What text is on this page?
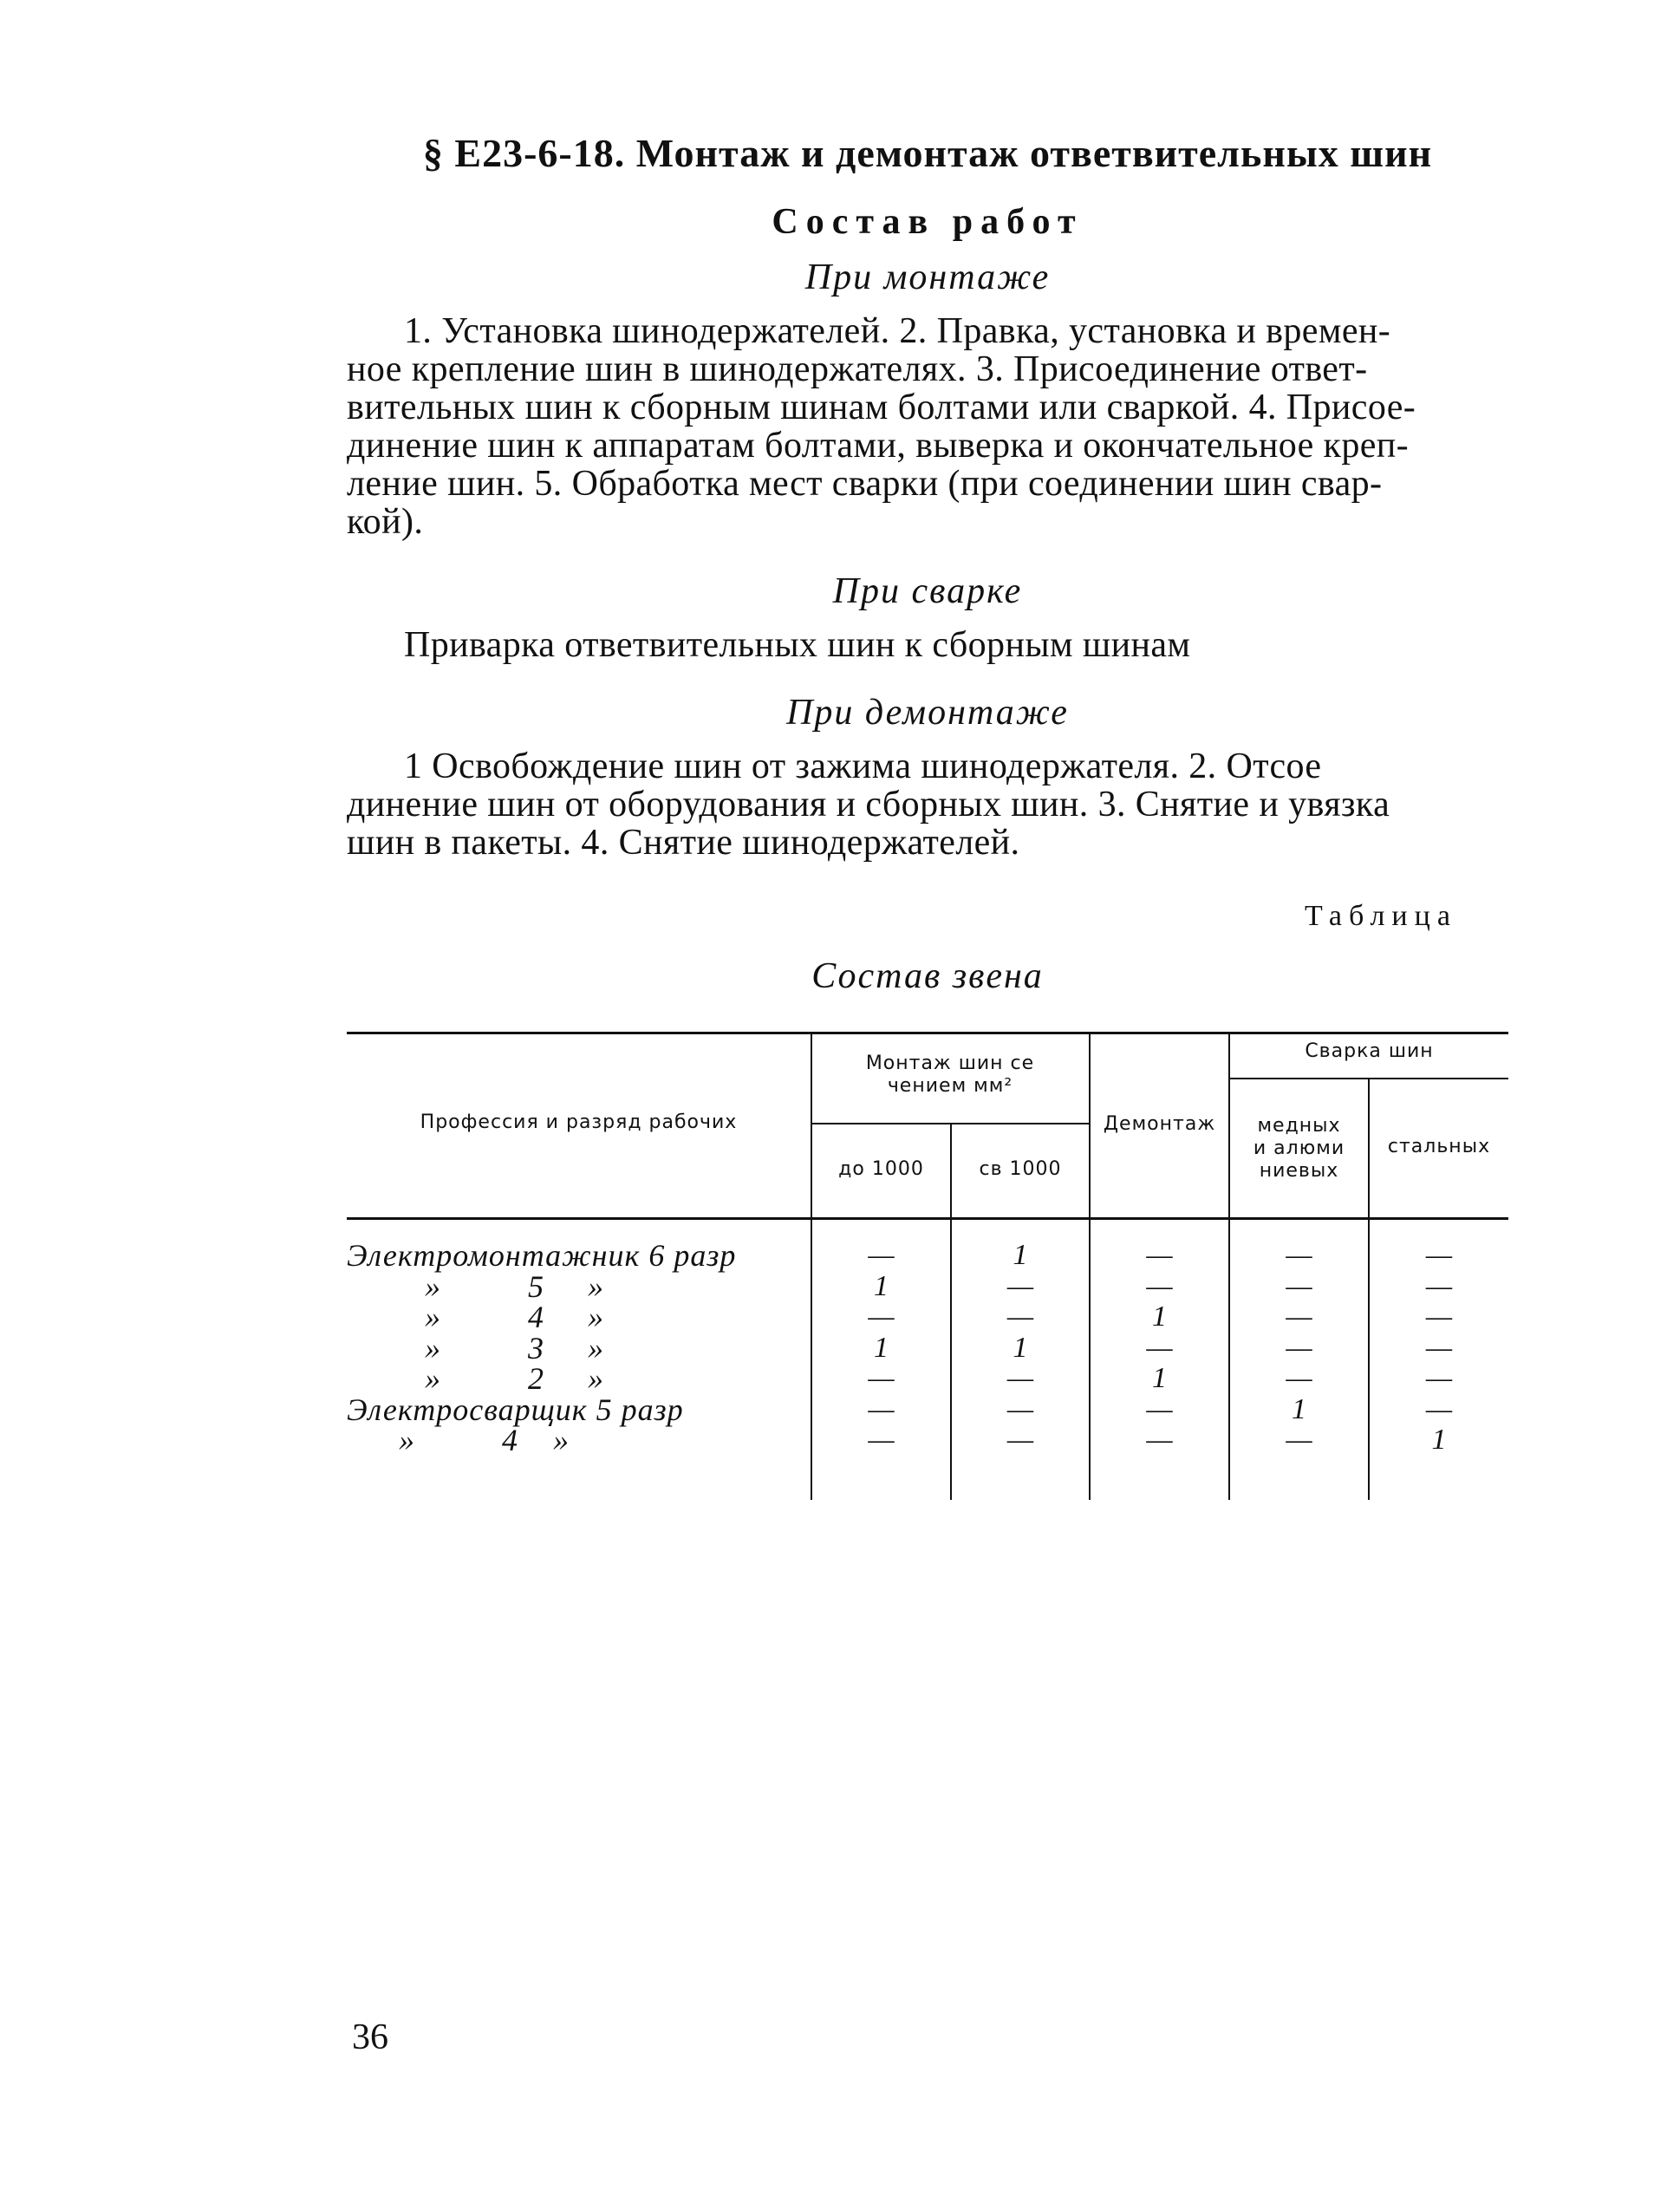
§ Е23-6-18. Монтаж и демонтаж ответвительных шин
Состав работ
При монтаже
1. Установка шинодержателей. 2. Правка, установка и времен-
ное крепление шин в шинодержателях. 3. Присоединение ответ-
вительных шин к сборным шинам болтами или сваркой. 4. Присое-
динение шин к аппаратам болтами, выверка и окончательное креп-
ление шин. 5. Обработка мест сварки (при соединении шин свар-
кой).
При сварке
Приварка ответвительных шин к сборным шинам
При демонтаже
1 Освобождение шин от зажима шинодержателя. 2. Отсое
динение шин от оборудования и сборных шин. 3. Снятие и увязка
шин в пакеты. 4. Снятие шинодержателей.
Таблица
Состав звена
Профессия и разряд рабочих
Монтаж шин се
чением мм²
до 1000	св 1000
Демонтаж
Сварка шин
медных
и алюми
ниевых
стальных
Электромонтажник 6 разр	—	1	—	—	—
»          5     »	1	—	—	—	—
»          4     »	—	—	1	—	—
»          3     »	1	1	—	—	—
»          2     »	—	—	1	—	—
Электросварщик 5 разр	—	—	—	1	—
»          4    »	—	—	—	—	1
36
